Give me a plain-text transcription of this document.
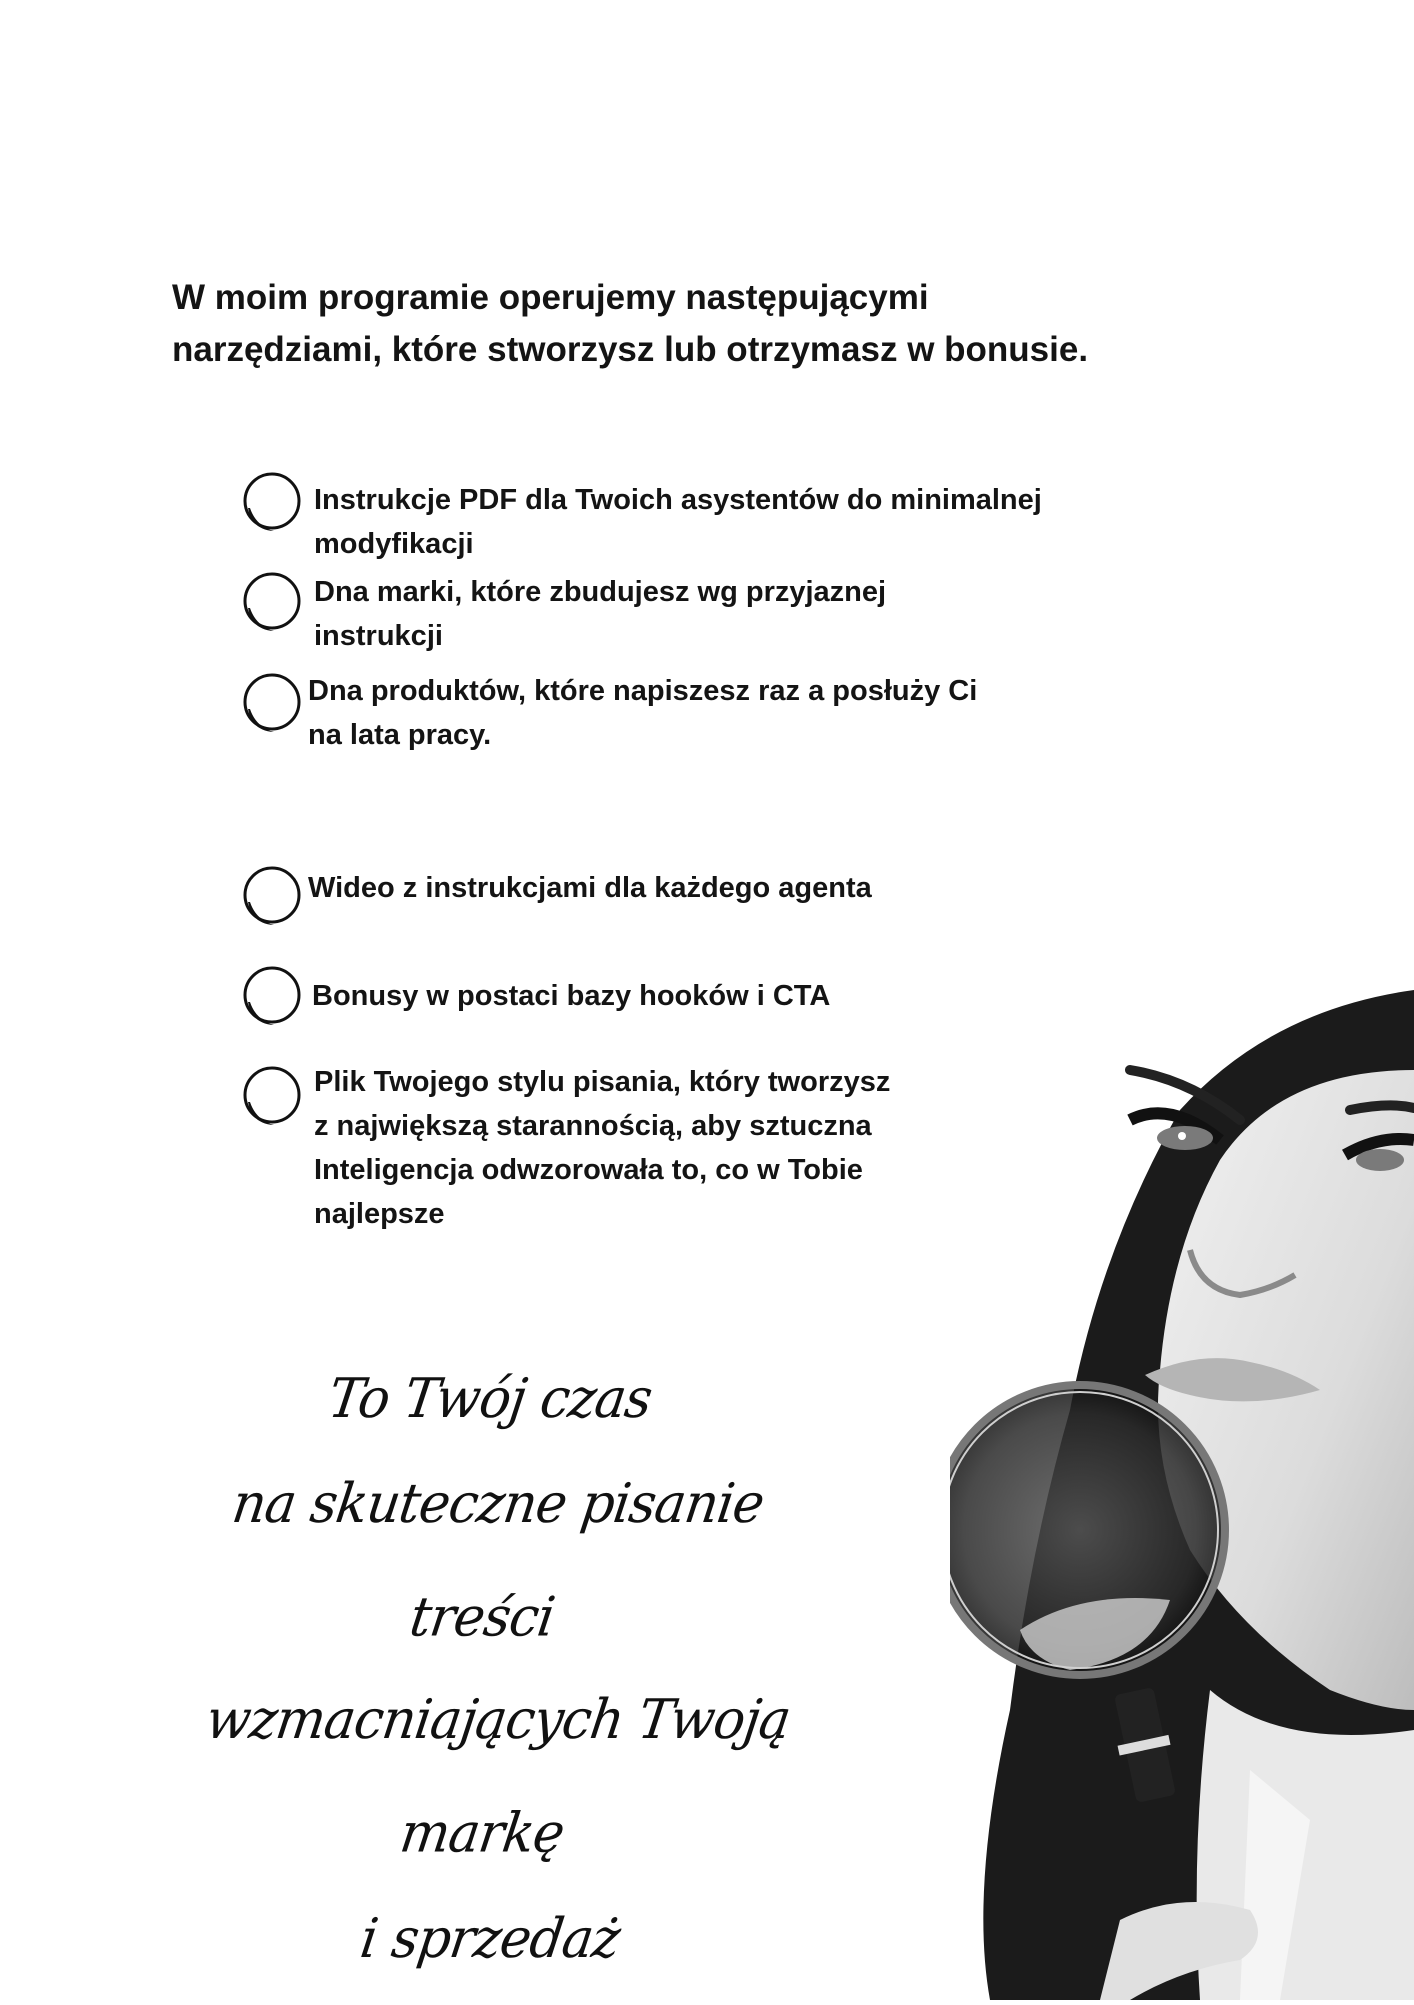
W moim programie operujemy następującymi
narzędziami, które stworzysz lub otrzymasz w bonusie.
Instrukcje PDF dla Twoich asystentów do minimalnej modyfikacji
Dna marki, które zbudujesz wg przyjaznej
instrukcji
Dna produktów, które napiszesz raz a posłuży Ci
na lata pracy.
Wideo z instrukcjami dla każdego agenta
Bonusy w postaci bazy hooków i CTA
Plik Twojego stylu pisania, który tworzysz
z największą starannością, aby sztuczna
Inteligencja odwzorowała to, co w Tobie
najlepsze
To Twój czas
na skuteczne pisanie treści
wzmacniających Twoją markę
i sprzedaż
